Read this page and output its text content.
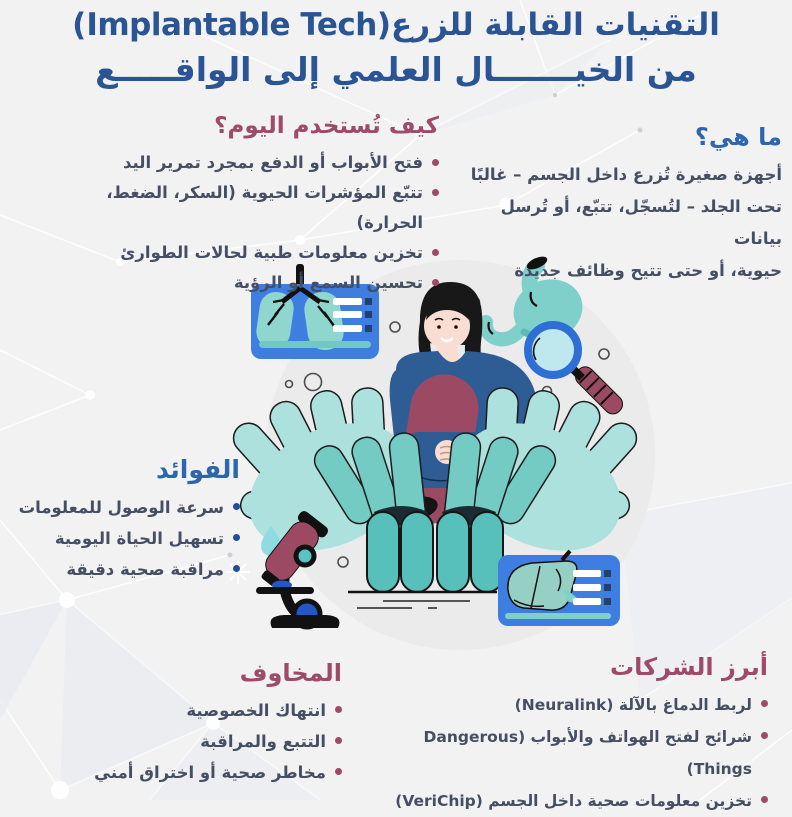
التقنيات القابلة للزرع(Implantable Tech)
من الخيـــــــال العلمي إلى الواقـــــع
ما هي؟

أجهزة صغيرة تُزرع داخل الجسم – غالبًا

تحت الجلد – لتُسجّل، تتبّع، أو تُرسل بيانات

حيوية، أو حتى تتيح وظائف جديدة

كيف تُستخدم اليوم؟
فتح الأبواب أو الدفع بمجرد تمرير اليد
تتبّع المؤشرات الحيوية (السكر، الضغط، الحرارة)
تخزين معلومات طبية لحالات الطوارئ
تحسين السمع أو الرؤية
الفوائد
سرعة الوصول للمعلومات
تسهيل الحياة اليومية
مراقبة صحية دقيقة
المخاوف
انتهاك الخصوصية
التتبع والمراقبة
مخاطر صحية أو اختراق أمني
أبرز الشركات
لربط الدماغ بالآلة (Neuralink)
شرائح لفتح الهواتف والأبواب (Dangerous Things)
تخزين معلومات صحية داخل الجسم (VeriChip)
